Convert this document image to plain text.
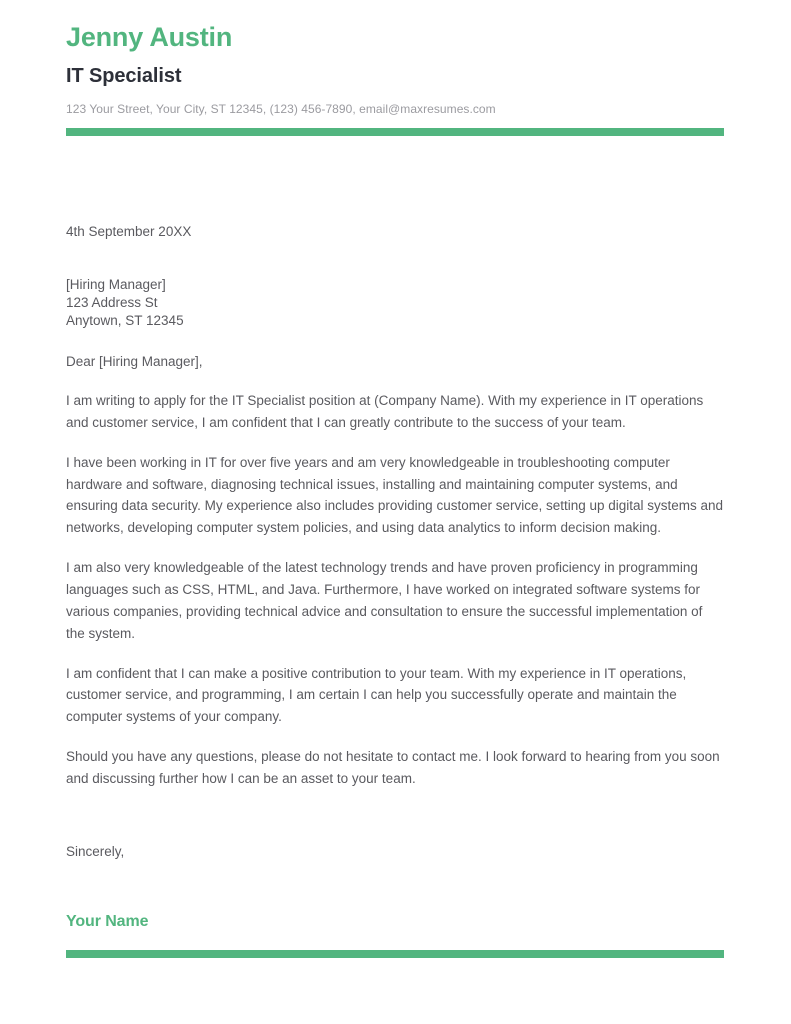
Jenny Austin
IT Specialist

123 Your Street, Your City, ST 12345, (123) 456-7890, email@maxresumes.com

4th September 20XX

[Hiring Manager]
123 Address St
Anytown, ST 12345

Dear [Hiring Manager],

I am writing to apply for the IT Specialist position at (Company Name). With my experience in IT operations and customer service, I am confident that I can greatly contribute to the success of your team.

I have been working in IT for over five years and am very knowledgeable in troubleshooting computer hardware and software, diagnosing technical issues, installing and maintaining computer systems, and ensuring data security. My experience also includes providing customer service, setting up digital systems and networks, developing computer system policies, and using data analytics to inform decision making.

I am also very knowledgeable of the latest technology trends and have proven proficiency in programming languages such as CSS, HTML, and Java. Furthermore, I have worked on integrated software systems for various companies, providing technical advice and consultation to ensure the successful implementation of the system.

I am confident that I can make a positive contribution to your team. With my experience in IT operations, customer service, and programming, I am certain I can help you successfully operate and maintain the computer systems of your company.

Should you have any questions, please do not hesitate to contact me. I look forward to hearing from you soon and discussing further how I can be an asset to your team.

Sincerely,

Your Name
